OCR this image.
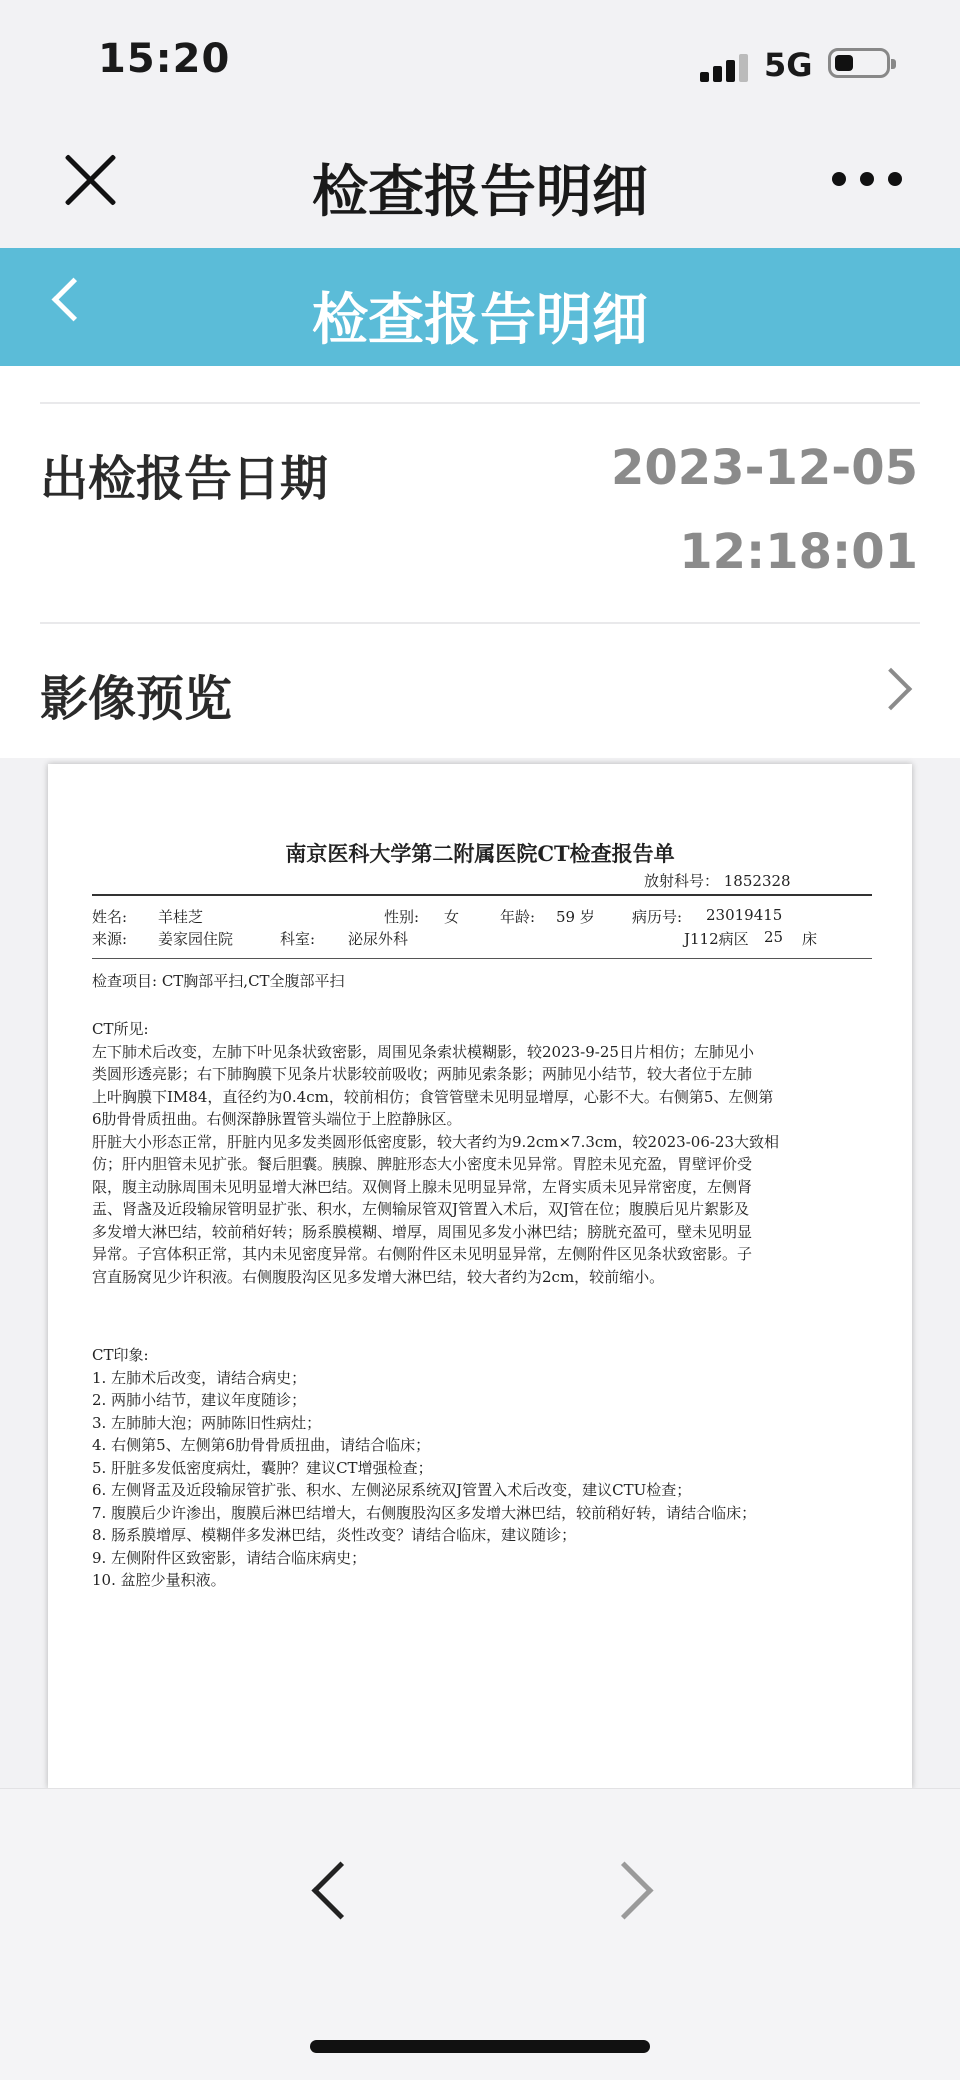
15:20	5G
检查报告明细
检查报告明细
出检报告日期	2023-12-05
12:18:01
影像预览
南京医科大学第二附属医院CT检查报告单
放射科号： 1852328
姓名: 羊桂芝	性别: 女	年龄: 59 岁 病历号: 23019415
来源: 姜家园住院	科室: 泌尿外科	J112病区 25 床
检查项目: CT胸部平扫,CT全腹部平扫

CT所见:

左下肺术后改变，左肺下叶见条状致密影，周围见条索状模糊影，较2023-9-25日片相仿；左肺见小

类圆形透亮影；右下肺胸膜下见条片状影较前吸收；两肺见索条影；两肺见小结节，较大者位于左肺

上叶胸膜下IM84，直径约为0.4cm，较前相仿；食管管壁未见明显增厚，心影不大。右侧第5、左侧第

6肋骨骨质扭曲。右侧深静脉置管头端位于上腔静脉区。

肝脏大小形态正常，肝脏内见多发类圆形低密度影，较大者约为9.2cm×7.3cm，较2023-06-23大致相

仿；肝内胆管未见扩张。餐后胆囊。胰腺、脾脏形态大小密度未见异常。胃腔未见充盈，胃壁评价受

限，腹主动脉周围未见明显增大淋巴结。双侧肾上腺未见明显异常，左肾实质未见异常密度，左侧肾

盂、肾盏及近段输尿管明显扩张、积水，左侧输尿管双J管置入术后，双J管在位；腹膜后见片絮影及

多发增大淋巴结，较前稍好转；肠系膜模糊、增厚，周围见多发小淋巴结；膀胱充盈可，壁未见明显

异常。子宫体积正常，其内未见密度异常。右侧附件区未见明显异常，左侧附件区见条状致密影。子

宫直肠窝见少许积液。右侧腹股沟区见多发增大淋巴结，较大者约为2cm，较前缩小。

CT印象:

1. 左肺术后改变，请结合病史；
2. 两肺小结节，建议年度随诊；
3. 左肺肺大泡；两肺陈旧性病灶；
4. 右侧第5、左侧第6肋骨骨质扭曲，请结合临床；
5. 肝脏多发低密度病灶，囊肿？建议CT增强检查；
6. 左侧肾盂及近段输尿管扩张、积水、左侧泌尿系统双J管置入术后改变，建议CTU检查；
7. 腹膜后少许渗出，腹膜后淋巴结增大，右侧腹股沟区多发增大淋巴结，较前稍好转，请结合临床；
8. 肠系膜增厚、模糊伴多发淋巴结，炎性改变？请结合临床，建议随诊；
9. 左侧附件区致密影，请结合临床病史；
10. 盆腔少量积液。
